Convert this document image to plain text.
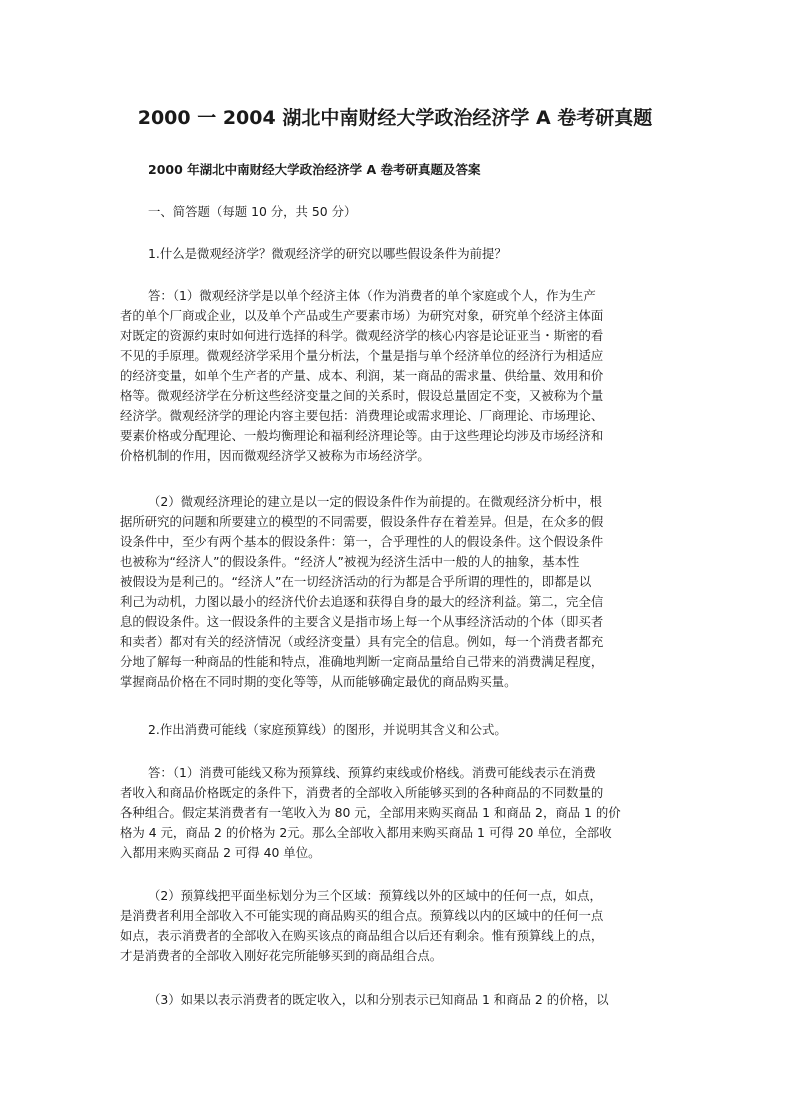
2000 一 2004 湖北中南财经大学政治经济学 A 卷考研真题
2000 年湖北中南财经大学政治经济学 A 卷考研真题及答案
一、简答题（每题 10 分，共 50 分）
1.什么是微观经济学？微观经济学的研究以哪些假设条件为前提？
答：（1）微观经济学是以单个经济主体（作为消费者的单个家庭或个人，作为生产
者的单个厂商或企业，以及单个产品或生产要素市场）为研究对象，研究单个经济主体面
对既定的资源约束时如何进行选择的科学。微观经济学的核心内容是论证亚当・斯密的看
不见的手原理。微观经济学采用个量分析法，个量是指与单个经济单位的经济行为相适应
的经济变量，如单个生产者的产量、成本、利润，某一商品的需求量、供给量、效用和价
格等。微观经济学在分析这些经济变量之间的关系时，假设总量固定不变，又被称为个量
经济学。微观经济学的理论内容主要包括：消费理论或需求理论、厂商理论、市场理论、
要素价格或分配理论、一般均衡理论和福利经济理论等。由于这些理论均涉及市场经济和
价格机制的作用，因而微观经济学又被称为市场经济学。
（2）微观经济理论的建立是以一定的假设条件作为前提的。在微观经济分析中，根
据所研究的问题和所要建立的模型的不同需要，假设条件存在着差异。但是，在众多的假
设条件中，至少有两个基本的假设条件：第一，合乎理性的人的假设条件。这个假设条件
也被称为“经济人”的假设条件。“经济人”被视为经济生活中一般的人的抽象，基本性
被假设为是利己的。“经济人”在一切经济活动的行为都是合乎所谓的理性的，即都是以
利己为动机，力图以最小的经济代价去追逐和获得自身的最大的经济利益。第二，完全信
息的假设条件。这一假设条件的主要含义是指市场上每一个从事经济活动的个体（即买者
和卖者）都对有关的经济情况（或经济变量）具有完全的信息。例如，每一个消费者都充
分地了解每一种商品的性能和特点，准确地判断一定商品量给自己带来的消费满足程度，
掌握商品价格在不同时期的变化等等，从而能够确定最优的商品购买量。
2.作出消费可能线（家庭预算线）的图形，并说明其含义和公式。
答：（1）消费可能线又称为预算线、预算约束线或价格线。消费可能线表示在消费
者收入和商品价格既定的条件下，消费者的全部收入所能够买到的各种商品的不同数量的
各种组合。假定某消费者有一笔收入为 80 元，全部用来购买商品 1 和商品 2，商品 1 的价
格为 4 元，商品 2 的价格为 2元。那么全部收入都用来购买商品 1 可得 20 单位，全部收
入都用来购买商品 2 可得 40 单位。
（2）预算线把平面坐标划分为三个区域：预算线以外的区域中的任何一点，如点，
是消费者利用全部收入不可能实现的商品购买的组合点。预算线以内的区域中的任何一点
如点，表示消费者的全部收入在购买该点的商品组合以后还有剩余。惟有预算线上的点，
才是消费者的全部收入刚好花完所能够买到的商品组合点。
（3）如果以表示消费者的既定收入，以和分别表示已知商品 1 和商品 2 的价格，以
